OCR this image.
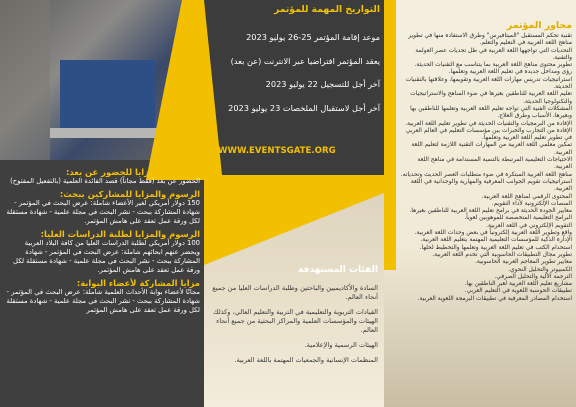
الرسوم والمزايا للحضور عن بعد:
الحضور عن بعد (فقط مجاناً) قصد الفائدة العلمية (بالتفعيل المفتوح)
الرسوم والمزايا للمشاركين ببحث:
150 دولار أمريكي لغير الأعضاء شاملة: عرض البحث في المؤتمر - شهادة المشاركة ببحث - نشر البحث في مجلة علمية - شهادة مستقلة لكل ورقة عمل تعقد على هامش المؤتمر.
الرسوم والمزايا لطلبة الدراسات العليا:
100 دولار أمريكي لطلبة الدراسات العليا من كافة البلاد العربية ويحضر عنهم ابحاثهم شاملة: عرض البحث في المؤتمر - شهادة المشاركة ببحث - نشر البحث في مجلة علمية - شهادة مستقلة لكل ورقة عمل تعقد على هامش المؤتمر.
مزايا المشاركة لأعضاء البوابة:
مجانًا لأعضاء بوابة الأحداث العلمية شاملة: عرض البحث في المؤتمر - شهادة المشاركة ببحث - نشر البحث في مجلة علمية - شهادة مستقلة لكل ورقة عمل تعقد على هامش المؤتمر
التواريخ المهمة للمؤتمر
موعد إقامة المؤتمر 25-26 يوليو 2023
يعقد المؤتمر افتراضيا عبر الانترنت (عن بعد)
آخر أجل للتسجيل 22 يوليو 2023
آخر أجل لاستقبال الملخصات 23 يوليو 2023
WWW.EVENTSGATE.ORG
الفئات المستهدفة
السادة والأكاديميين والباحثين وطلبة الدراسات العليا من جميع أنحاء العالم.
القيادات التربوية والتعليمية في التربية والتعليم العالي، وكذلك الهيئات والمؤسسات العلمية والمراكز البحثية من جميع أنحاء العالم.
الهيئات الرسمية والإعلامية.
المنظمات الإنسانية والجمعيات المهتمة باللغة العربية.
محاور المؤتمر
تقنية تحكم المستقبل "الميتافيرس" وطرق الاستفادة منها في تطوير مناهج اللغة العربية في التعليم والتعلم.
التحديات التي تواجهها اللغة العربية في ظل تحديات عصر العولمة والتقنية.
تطوير محتوى مناهج اللغة العربية بما يتناسب مع التقنيات الحديثة.
رؤى ومداخل جديدة في تعليم اللغة العربية وتعلمها.
استراتيجيات تدريس مهارات اللغة العربية وتقويمها، وعلاقتها بالتقنيات الحديثة.
تعليم اللغة العربية للناطقين بغيرها في ضوء المناهج والاستراتيجيات والتكنولوجيا الحديثة.
المشكلات الفنية التي تواجه تعليم اللغة العربية وتعلمها للناطقين بها وبغيرها، الأسباب وطرق العلاج.
الإفادة من البرمجيات والتقنيات الحديثة في تطوير تعليم اللغة العربية.
الإفادة من التجارب والخبرات بين مؤسسات التعليم في العالم العربي في تطوير تعليم اللغة العربية وتعلمها.
تمكين معلمي اللغة العربية من المهارات التقنية اللازمة لتعليم اللغة العربية.
الاحتياجات التعليمية المرتبطة بالتنمية المستدامة في مناهج اللغة العربية.
مناهج اللغة العربية المبتكرة في ضوء متطلبات العصر الحديث وتحدياته.
استراتيجيات تقويم الجوانب المعرفية والمهارية والوجدانية في اللغة العربية.
المحتوى الرقمي لمناهج اللغة العربية.
المنصات الإلكترونية لأداء التقويم.
معايير الجودة الحديثة في برامج تعليم اللغة العربية للناطقين بغيرها.
البرامج التعليمية المتخصصة للموهوبين لغوياً.
التقويم الإلكتروني في اللغة العربية.
واقع وتطوير اللغة العربية إلكترونياً في بعض وحدات اللغة العربية.
الإدارة الذكية للمؤسسات التعليمية المهتمة بتعليم اللغة العربية.
استخدام الكتب في تعليم اللغة العربية وتعلمها والتخطيط لحلها.
تطوير مجال التطبيقات الحاسوبية التي تخدم اللغة العربية.
معايير تطوير المعاجم العربية الحاسوبية.
الكمبيوتر والتحليل النحوي.
الترجمة الآلية والتحليل الصرفي.
مشاريع تعليم اللغة العربية لغير الناطقين بها.
تطبيقات الحوسبة اللغوية في التعليم العربي.
استخدام المصادر المعرفية في تطبيقات البرمجة اللغوية العربية.
